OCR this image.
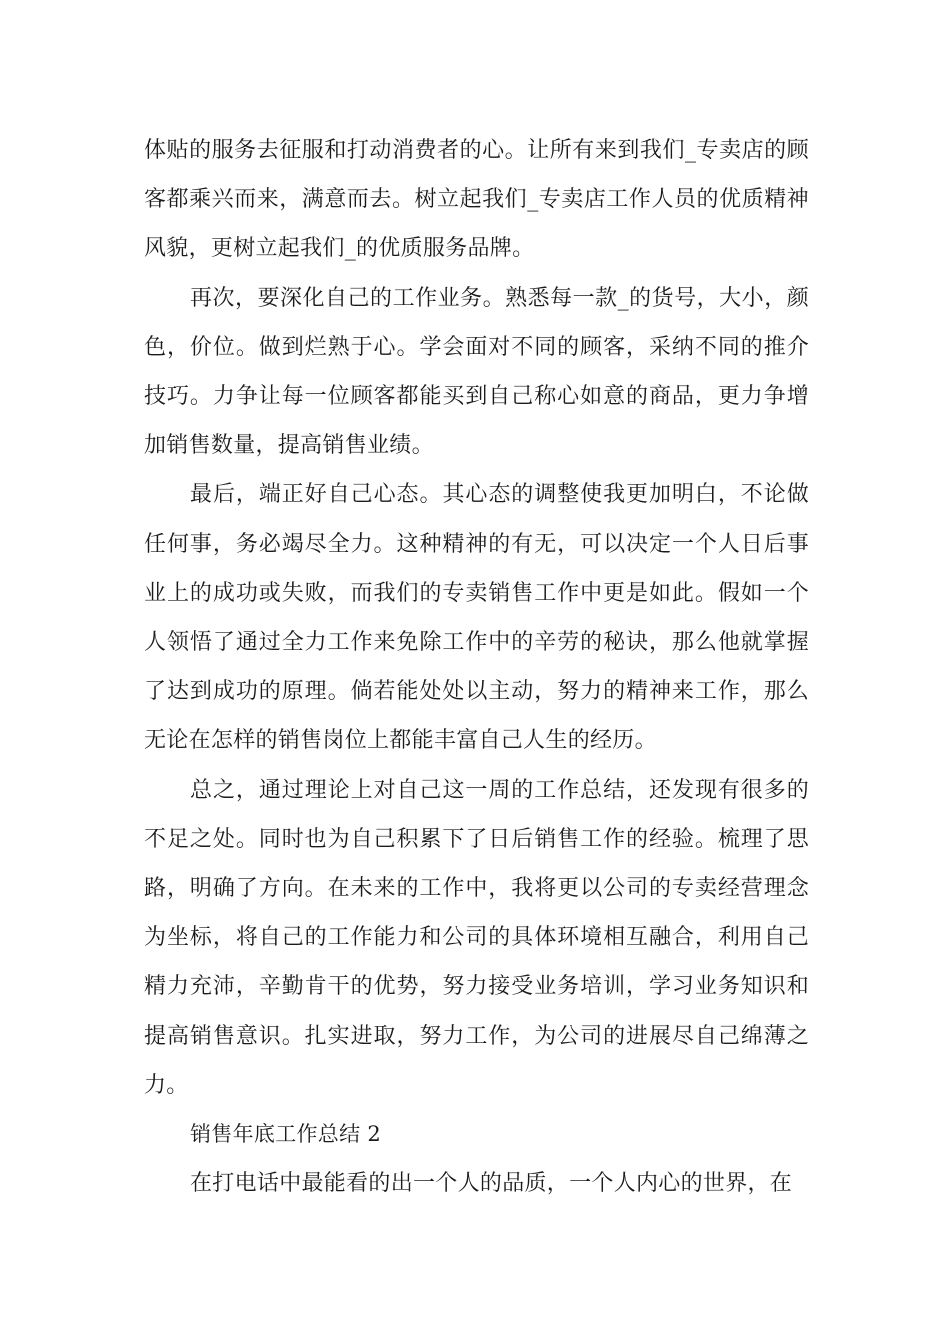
体贴的服务去征服和打动消费者的心。让所有来到我们_专卖店的顾客都乘兴而来，满意而去。树立起我们_专卖店工作人员的优质精神风貌，更树立起我们_的优质服务品牌。

再次，要深化自己的工作业务。熟悉每一款_的货号，大小，颜色，价位。做到烂熟于心。学会面对不同的顾客，采纳不同的推介技巧。力争让每一位顾客都能买到自己称心如意的商品，更力争增加销售数量，提高销售业绩。

最后，端正好自己心态。其心态的调整使我更加明白，不论做任何事，务必竭尽全力。这种精神的有无，可以决定一个人日后事业上的成功或失败，而我们的专卖销售工作中更是如此。假如一个人领悟了通过全力工作来免除工作中的辛劳的秘诀，那么他就掌握了达到成功的原理。倘若能处处以主动，努力的精神来工作，那么无论在怎样的销售岗位上都能丰富自己人生的经历。

总之，通过理论上对自己这一周的工作总结，还发现有很多的不足之处。同时也为自己积累下了日后销售工作的经验。梳理了思路，明确了方向。在未来的工作中，我将更以公司的专卖经营理念为坐标，将自己的工作能力和公司的具体环境相互融合，利用自己精力充沛，辛勤肯干的优势，努力接受业务培训，学习业务知识和提高销售意识。扎实进取，努力工作，为公司的进展尽自己绵薄之力。

销售年底工作总结 2

在打电话中最能看的出一个人的品质，一个人内心的世界，在
